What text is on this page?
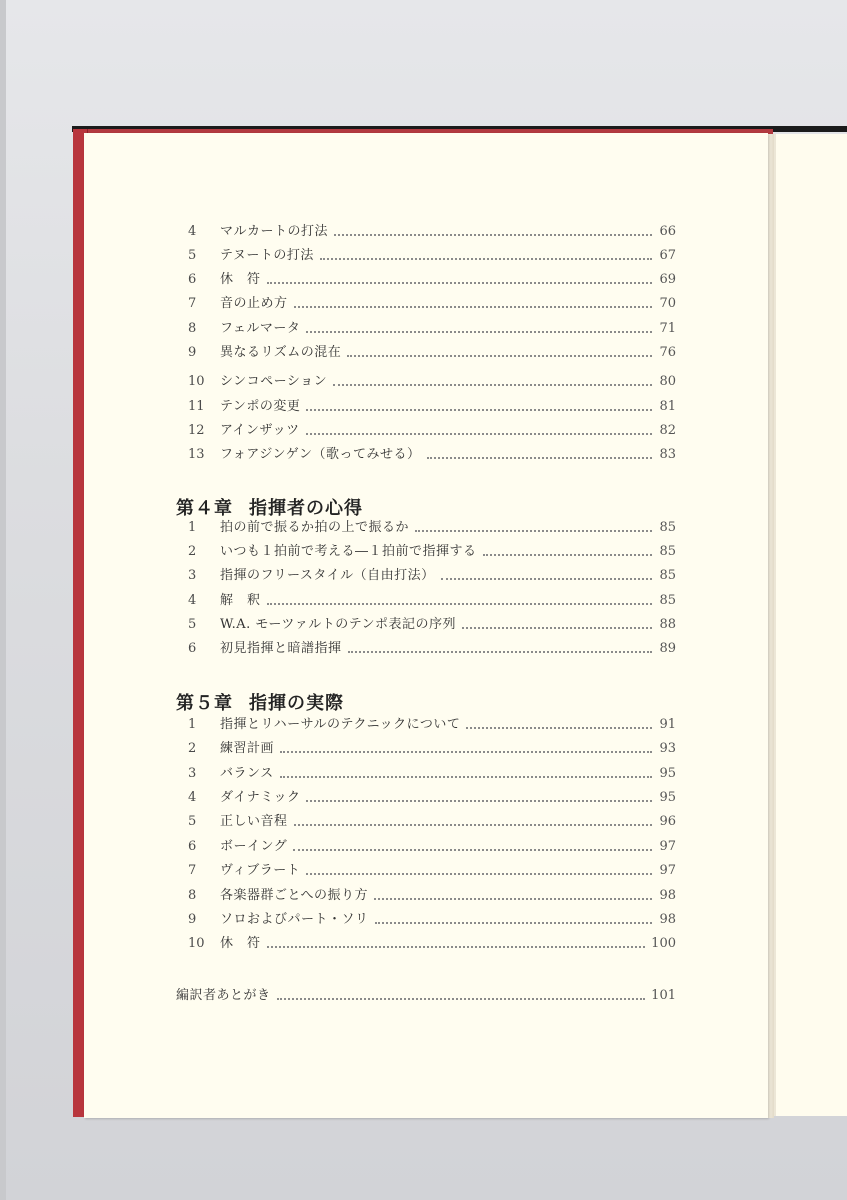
4	マルカートの打法	66
5	テヌートの打法	67
6	休　符	69
7	音の止め方	70
8	フェルマータ	71
9	異なるリズムの混在	76
10	シンコペーション	80
11	テンポの変更	81
12	アインザッツ	82
13	フォアジンゲン（歌ってみせる）	83
第４章 指揮者の心得
1	拍の前で振るか拍の上で振るか	85
2	いつも１拍前で考える―１拍前で指揮する	85
3	指揮のフリースタイル（自由打法）	85
4	解　釈	85
5	W.A. モーツァルトのテンポ表記の序列	88
6	初見指揮と暗譜指揮	89
第５章 指揮の実際
1	指揮とリハーサルのテクニックについて	91
2	練習計画	93
3	バランス	95
4	ダイナミック	95
5	正しい音程	96
6	ボーイング	97
7	ヴィブラート	97
8	各楽器群ごとへの振り方	98
9	ソロおよびパート・ソリ	98
10	休　符	100
編訳者あとがき	101
